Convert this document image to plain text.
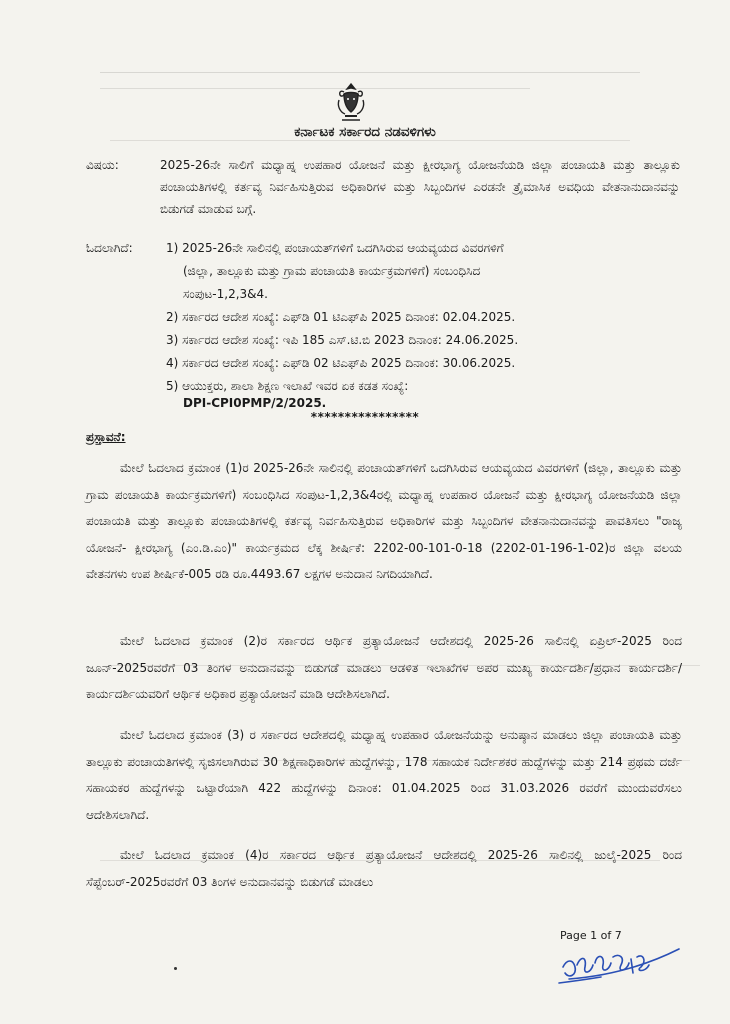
ಕರ್ನಾಟಕ ಸರ್ಕಾರದ ನಡವಳಿಗಳು
ವಿಷಯ:	2025-26ನೇ ಸಾಲಿಗೆ ಮಧ್ಯಾಹ್ನ ಉಪಹಾರ ಯೋಜನೆ ಮತ್ತು ಕ್ಷೀರಭಾಗ್ಯ ಯೋಜನೆಯಡಿ ಜಿಲ್ಲಾ ಪಂಚಾಯತಿ ಮತ್ತು ತಾಲ್ಲೂಕು ಪಂಚಾಯತಿಗಳಲ್ಲಿ ಕರ್ತವ್ಯ ನಿರ್ವಹಿಸುತ್ತಿರುವ ಅಧಿಕಾರಿಗಳ ಮತ್ತು ಸಿಬ್ಬಂದಿಗಳ ಎರಡನೇ ತ್ರೈಮಾಸಿಕ ಅವಧಿಯ ವೇತನಾನುದಾನವನ್ನು ಬಿಡುಗಡೆ ಮಾಡುವ ಬಗ್ಗೆ.
ಓದಲಾಗಿದೆ:	1) 2025-26ನೇ ಸಾಲಿನಲ್ಲಿ ಪಂಚಾಯತ್‌ಗಳಿಗೆ ಒದಗಿಸಿರುವ ಆಯವ್ಯಯದ ವಿವರಗಳಿಗೆ
(ಜಿಲ್ಲಾ, ತಾಲ್ಲೂಕು ಮತ್ತು ಗ್ರಾಮ ಪಂಚಾಯತಿ ಕಾರ್ಯಕ್ರಮಗಳಿಗೆ) ಸಂಬಂಧಿಸಿದ
ಸಂಪುಟ-1,2,3&4.
2) ಸರ್ಕಾರದ ಆದೇಶ ಸಂಖ್ಯೆ: ಎಫ್‌ಡಿ 01 ಟಿಎಫ್‌ಪಿ 2025 ದಿನಾಂಕ: 02.04.2025.
3) ಸರ್ಕಾರದ ಆದೇಶ ಸಂಖ್ಯೆ: ಇಪಿ 185 ಎಸ್.ಟಿ.ಬಿ 2023 ದಿನಾಂಕ: 24.06.2025.
4) ಸರ್ಕಾರದ ಆದೇಶ ಸಂಖ್ಯೆ: ಎಫ್‌ಡಿ 02 ಟಿಎಫ್‌ಪಿ 2025 ದಿನಾಂಕ: 30.06.2025.
5) ಆಯುಕ್ತರು, ಶಾಲಾ ಶಿಕ್ಷಣ ಇಲಾಖೆ ಇವರ ಏಕ ಕಡತ ಸಂಖ್ಯೆ:
DPI-CPI0PMP/2/2025.
****************
ಪ್ರಸ್ತಾವನೆ:
ಮೇಲೆ ಓದಲಾದ ಕ್ರಮಾಂಕ (1)ರ 2025-26ನೇ ಸಾಲಿನಲ್ಲಿ ಪಂಚಾಯತ್‌ಗಳಿಗೆ ಒದಗಿಸಿರುವ ಆಯವ್ಯಯದ ವಿವರಗಳಿಗೆ (ಜಿಲ್ಲಾ, ತಾಲ್ಲೂಕು ಮತ್ತು ಗ್ರಾಮ ಪಂಚಾಯತಿ ಕಾರ್ಯಕ್ರಮಗಳಿಗೆ) ಸಂಬಂಧಿಸಿದ ಸಂಪುಟ-1,2,3&4ರಲ್ಲಿ ಮಧ್ಯಾಹ್ನ ಉಪಹಾರ ಯೋಜನೆ ಮತ್ತು ಕ್ಷೀರಭಾಗ್ಯ ಯೋಜನೆಯಡಿ ಜಿಲ್ಲಾ ಪಂಚಾಯತಿ ಮತ್ತು ತಾಲ್ಲೂಕು ಪಂಚಾಯತಿಗಳಲ್ಲಿ ಕರ್ತವ್ಯ ನಿರ್ವಹಿಸುತ್ತಿರುವ ಅಧಿಕಾರಿಗಳ ಮತ್ತು ಸಿಬ್ಬಂದಿಗಳ ವೇತನಾನುದಾನವನ್ನು ಪಾವತಿಸಲು "ರಾಜ್ಯ ಯೋಜನೆ- ಕ್ಷೀರಭಾಗ್ಯ (ಎಂ.ಡಿ.ಎಂ)" ಕಾರ್ಯಕ್ರಮದ ಲೆಕ್ಕ ಶೀರ್ಷಿಕೆ: 2202-00-101-0-18 (2202-01-196-1-02)ರ ಜಿಲ್ಲಾ ವಲಯ ವೇತನಗಳು ಉಪ ಶೀರ್ಷಿಕೆ-005 ರಡಿ ರೂ.4493.67 ಲಕ್ಷಗಳ ಅನುದಾನ ನಿಗದಿಯಾಗಿದೆ.
ಮೇಲೆ ಓದಲಾದ ಕ್ರಮಾಂಕ (2)ರ ಸರ್ಕಾರದ ಆರ್ಥಿಕ ಪ್ರತ್ಯಾಯೋಜನೆ ಆದೇಶದಲ್ಲಿ 2025-26 ಸಾಲಿನಲ್ಲಿ ಏಪ್ರಿಲ್-2025 ರಿಂದ ಜೂನ್-2025ರವರೆಗೆ 03 ತಿಂಗಳ ಅನುದಾನವನ್ನು ಬಿಡುಗಡೆ ಮಾಡಲು ಆಡಳಿತ ಇಲಾಖೆಗಳ ಅಪರ ಮುಖ್ಯ ಕಾರ್ಯದರ್ಶಿ/ಪ್ರಧಾನ ಕಾರ್ಯದರ್ಶಿ/ಕಾರ್ಯದರ್ಶಿಯವರಿಗೆ ಆರ್ಥಿಕ ಅಧಿಕಾರ ಪ್ರತ್ಯಾಯೋಜನೆ ಮಾಡಿ ಆದೇಶಿಸಲಾಗಿದೆ.
ಮೇಲೆ ಓದಲಾದ ಕ್ರಮಾಂಕ (3) ರ ಸರ್ಕಾರದ ಆದೇಶದಲ್ಲಿ ಮಧ್ಯಾಹ್ನ ಉಪಹಾರ ಯೋಜನೆಯನ್ನು ಅನುಷ್ಠಾನ ಮಾಡಲು ಜಿಲ್ಲಾ ಪಂಚಾಯತಿ ಮತ್ತು ತಾಲ್ಲೂಕು ಪಂಚಾಯತಿಗಳಲ್ಲಿ ಸೃಜಿಸಲಾಗಿರುವ 30 ಶಿಕ್ಷಣಾಧಿಕಾರಿಗಳ ಹುದ್ದೆಗಳನ್ನು, 178 ಸಹಾಯಕ ನಿರ್ದೇಶಕರ ಹುದ್ದೆಗಳನ್ನು ಮತ್ತು 214 ಪ್ರಥಮ ದರ್ಜೆ ಸಹಾಯಕರ ಹುದ್ದೆಗಳನ್ನು ಒಟ್ಟಾರೆಯಾಗಿ 422 ಹುದ್ದೆಗಳನ್ನು ದಿನಾಂಕ: 01.04.2025 ರಿಂದ 31.03.2026 ರವರೆಗೆ ಮುಂದುವರೆಸಲು ಆದೇಶಿಸಲಾಗಿದೆ.
ಮೇಲೆ ಓದಲಾದ ಕ್ರಮಾಂಕ (4)ರ ಸರ್ಕಾರದ ಆರ್ಥಿಕ ಪ್ರತ್ಯಾಯೋಜನೆ ಆದೇಶದಲ್ಲಿ 2025-26 ಸಾಲಿನಲ್ಲಿ ಜುಲೈ-2025 ರಿಂದ ಸೆಪ್ಟೆಂಬರ್-2025ರವರೆಗೆ 03 ತಿಂಗಳ ಅನುದಾನವನ್ನು ಬಿಡುಗಡೆ ಮಾಡಲು
Page 1 of 7
